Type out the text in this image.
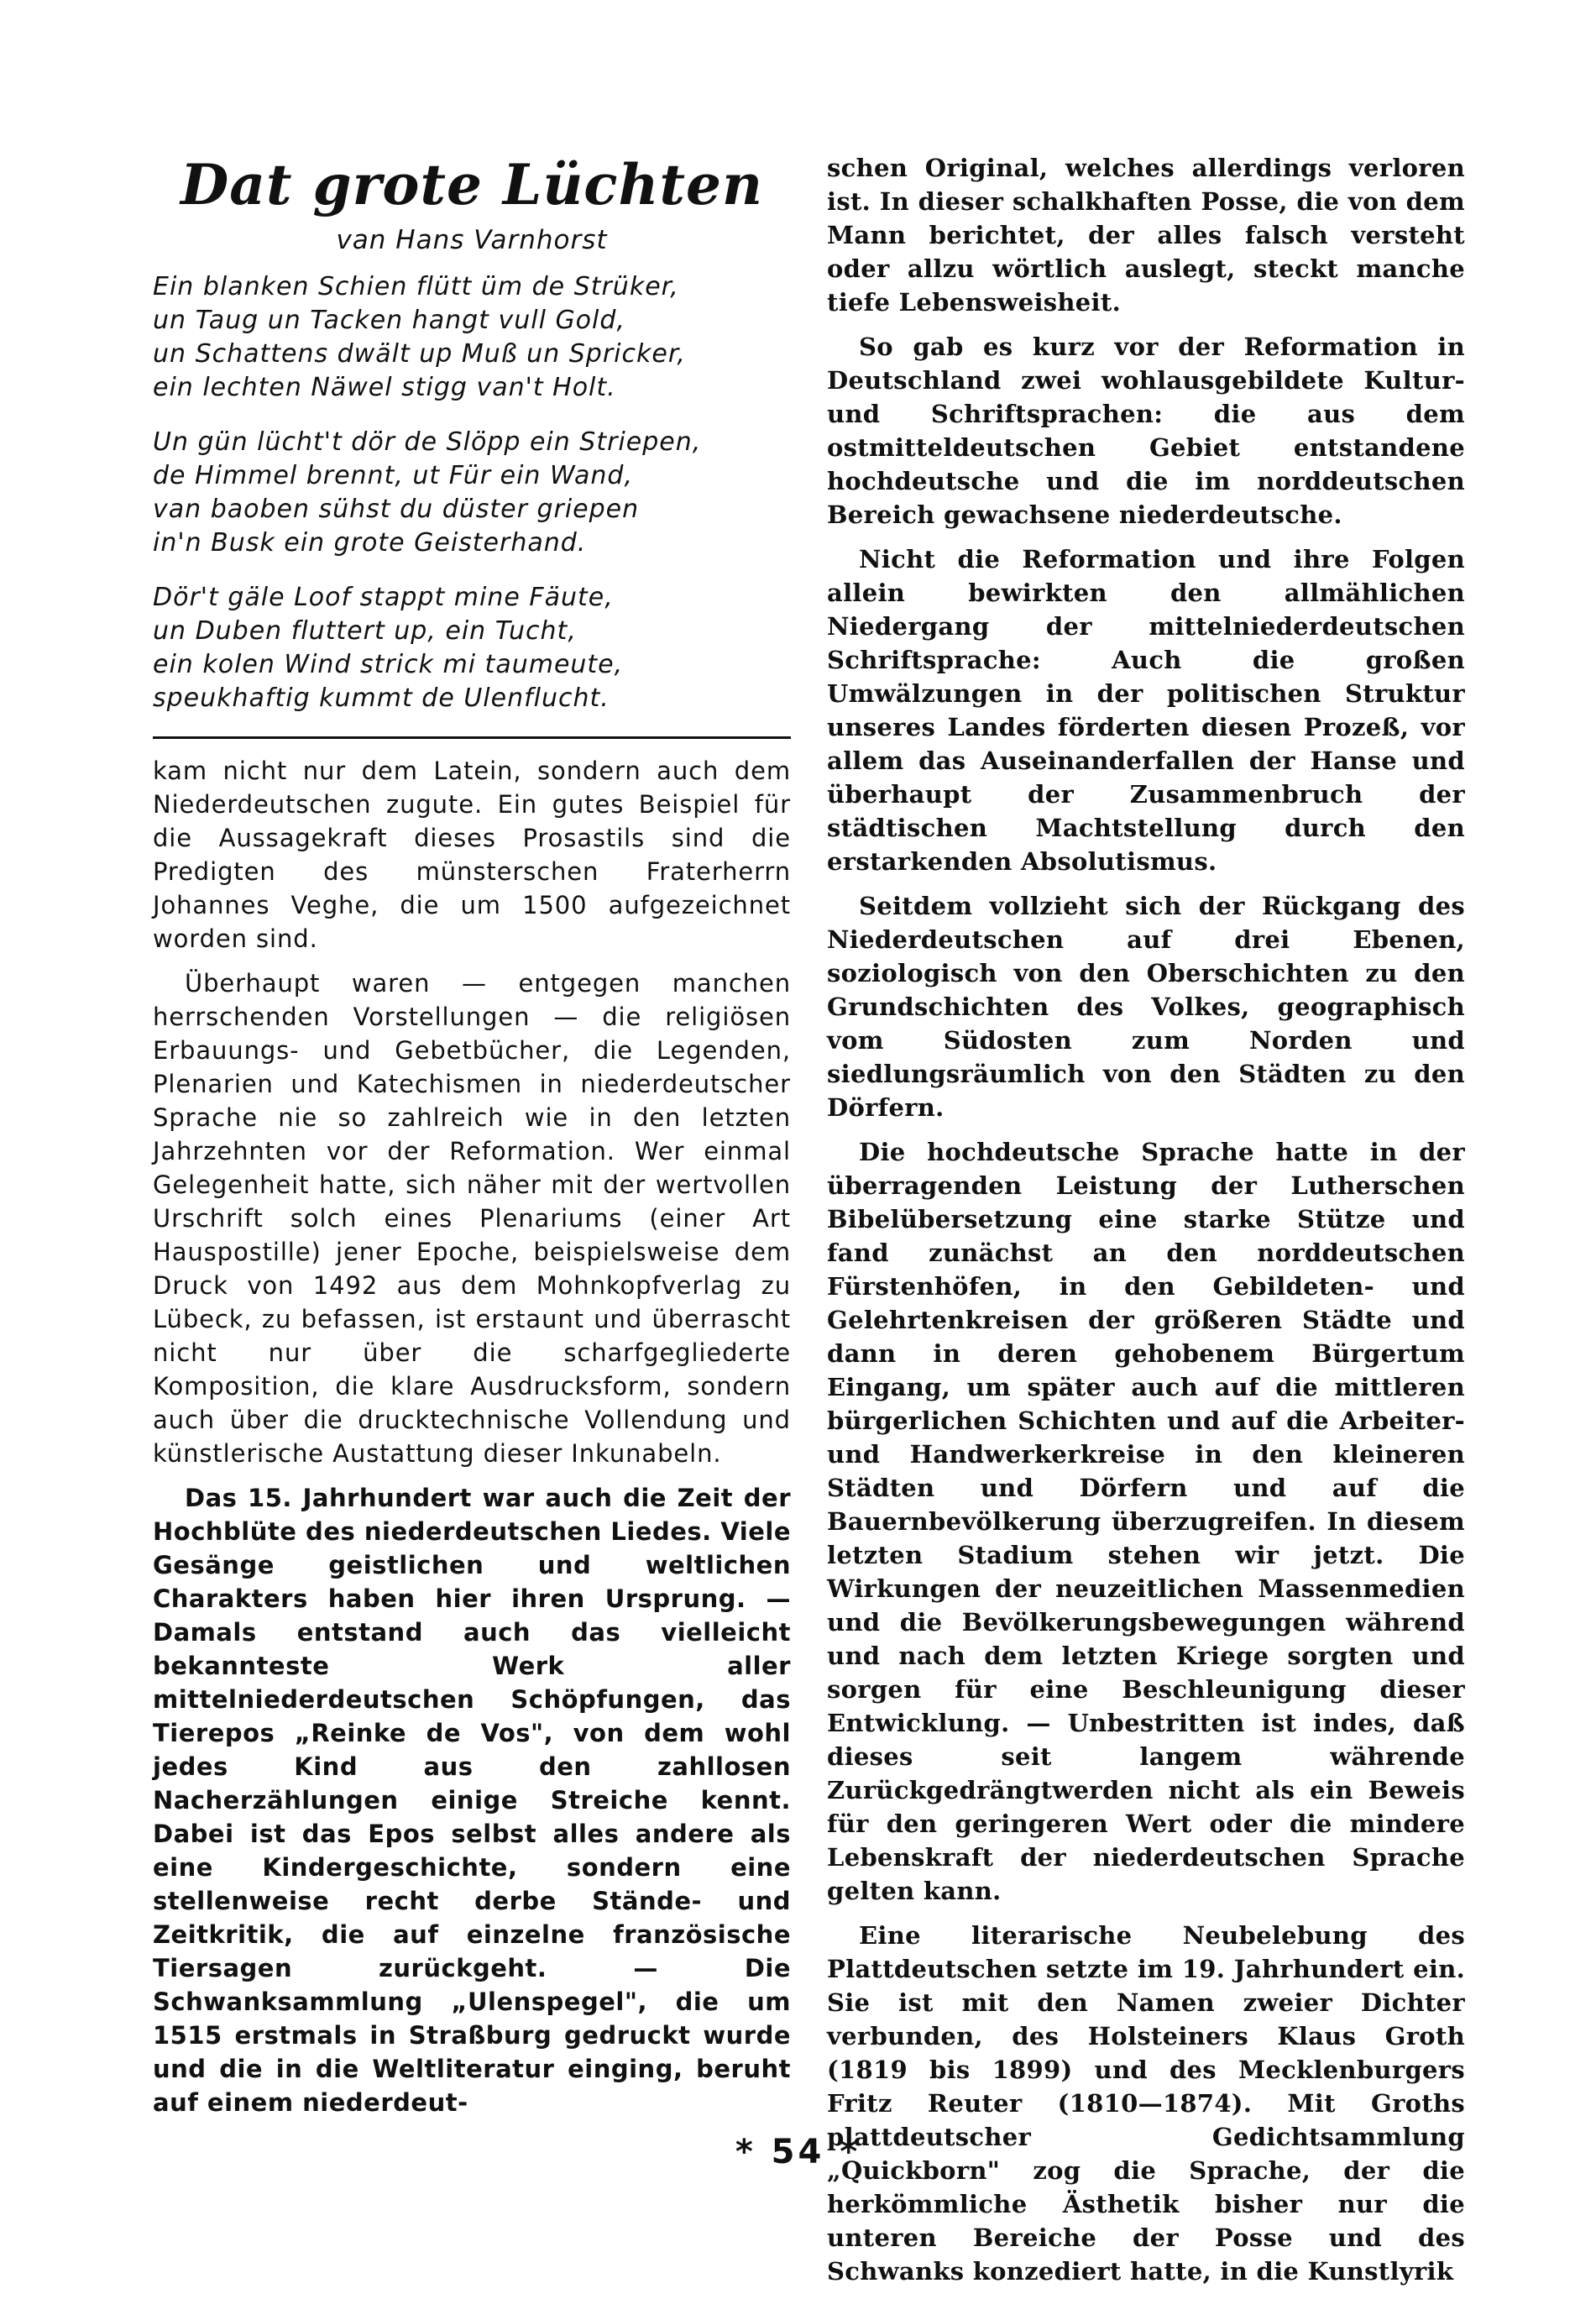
Dat grote Lüchten
van Hans Varnhorst
Ein blanken Schien flütt üm de Strüker,
un Taug un Tacken hangt vull Gold,
un Schattens dwält up Muß un Spricker,
ein lechten Näwel stigg van't Holt.
Un gün lücht't dör de Slöpp ein Striepen,
de Himmel brennt, ut Für ein Wand,
van baoben sühst du düster griepen
in'n Busk ein grote Geisterhand.
Dör't gäle Loof stappt mine Fäute,
un Duben fluttert up, ein Tucht,
ein kolen Wind strick mi taumeute,
speukhaftig kummt de Ulenflucht.

kam nicht nur dem Latein, sondern auch dem Niederdeutschen zugute. Ein gutes Beispiel für die Aussagekraft dieses Prosastils sind die Predigten des münsterschen Fraterherrn Johannes Veghe, die um 1500 aufgezeichnet worden sind.

Überhaupt waren — entgegen manchen herrschenden Vorstellungen — die religiösen Erbauungs- und Gebetbücher, die Legenden, Plenarien und Katechismen in niederdeutscher Sprache nie so zahlreich wie in den letzten Jahrzehnten vor der Reformation. Wer einmal Gelegenheit hatte, sich näher mit der wertvollen Urschrift solch eines Plenariums (einer Art Hauspostille) jener Epoche, beispielsweise dem Druck von 1492 aus dem Mohnkopfverlag zu Lübeck, zu befassen, ist erstaunt und überrascht nicht nur über die scharfgegliederte Komposition, die klare Ausdrucksform, sondern auch über die drucktechnische Vollendung und künstlerische Austattung dieser Inkunabeln.

Das 15. Jahrhundert war auch die Zeit der Hochblüte des niederdeutschen Liedes. Viele Gesänge geistlichen und weltlichen Charakters haben hier ihren Ursprung. — Damals entstand auch das vielleicht bekannteste Werk aller mittelniederdeutschen Schöpfungen, das Tierepos „Reinke de Vos", von dem wohl jedes Kind aus den zahllosen Nacherzählungen einige Streiche kennt. Dabei ist das Epos selbst alles andere als eine Kindergeschichte, sondern eine stellenweise recht derbe Stände- und Zeitkritik, die auf einzelne französische Tiersagen zurückgeht. — Die Schwanksammlung „Ulenspegel", die um 1515 erstmals in Straßburg gedruckt wurde und die in die Weltliteratur einging, beruht auf einem niederdeut-

schen Original, welches allerdings verloren ist. In dieser schalkhaften Posse, die von dem Mann berichtet, der alles falsch versteht oder allzu wörtlich auslegt, steckt manche tiefe Lebensweisheit.

So gab es kurz vor der Reformation in Deutschland zwei wohlausgebildete Kultur- und Schriftsprachen: die aus dem ostmitteldeutschen Gebiet entstandene hochdeutsche und die im norddeutschen Bereich gewachsene niederdeutsche.

Nicht die Reformation und ihre Folgen allein bewirkten den allmählichen Niedergang der mittelniederdeutschen Schriftsprache: Auch die großen Umwälzungen in der politischen Struktur unseres Landes förderten diesen Prozeß, vor allem das Auseinanderfallen der Hanse und überhaupt der Zusammenbruch der städtischen Machtstellung durch den erstarkenden Absolutismus.

Seitdem vollzieht sich der Rückgang des Niederdeutschen auf drei Ebenen, soziologisch von den Oberschichten zu den Grundschichten des Volkes, geographisch vom Südosten zum Norden und siedlungsräumlich von den Städten zu den Dörfern.

Die hochdeutsche Sprache hatte in der überragenden Leistung der Lutherschen Bibelübersetzung eine starke Stütze und fand zunächst an den norddeutschen Fürstenhöfen, in den Gebildeten- und Gelehrtenkreisen der größeren Städte und dann in deren gehobenem Bürgertum Eingang, um später auch auf die mittleren bürgerlichen Schichten und auf die Arbeiter- und Handwerkerkreise in den kleineren Städten und Dörfern und auf die Bauernbevölkerung überzugreifen. In diesem letzten Stadium stehen wir jetzt. Die Wirkungen der neuzeitlichen Massenmedien und die Bevölkerungsbewegungen während und nach dem letzten Kriege sorgten und sorgen für eine Beschleunigung dieser Entwicklung. — Unbestritten ist indes, daß dieses seit langem währende Zurückgedrängtwerden nicht als ein Beweis für den geringeren Wert oder die mindere Lebenskraft der niederdeutschen Sprache gelten kann.

Eine literarische Neubelebung des Plattdeutschen setzte im 19. Jahrhundert ein. Sie ist mit den Namen zweier Dichter verbunden, des Holsteiners Klaus Groth (1819 bis 1899) und des Mecklenburgers Fritz Reuter (1810—1874). Mit Groths plattdeutscher Gedichtsammlung „Quickborn" zog die Sprache, der die herkömmliche Ästhetik bisher nur die unteren Bereiche der Posse und des Schwanks konzediert hatte, in die Kunstlyrik

* 54 *
